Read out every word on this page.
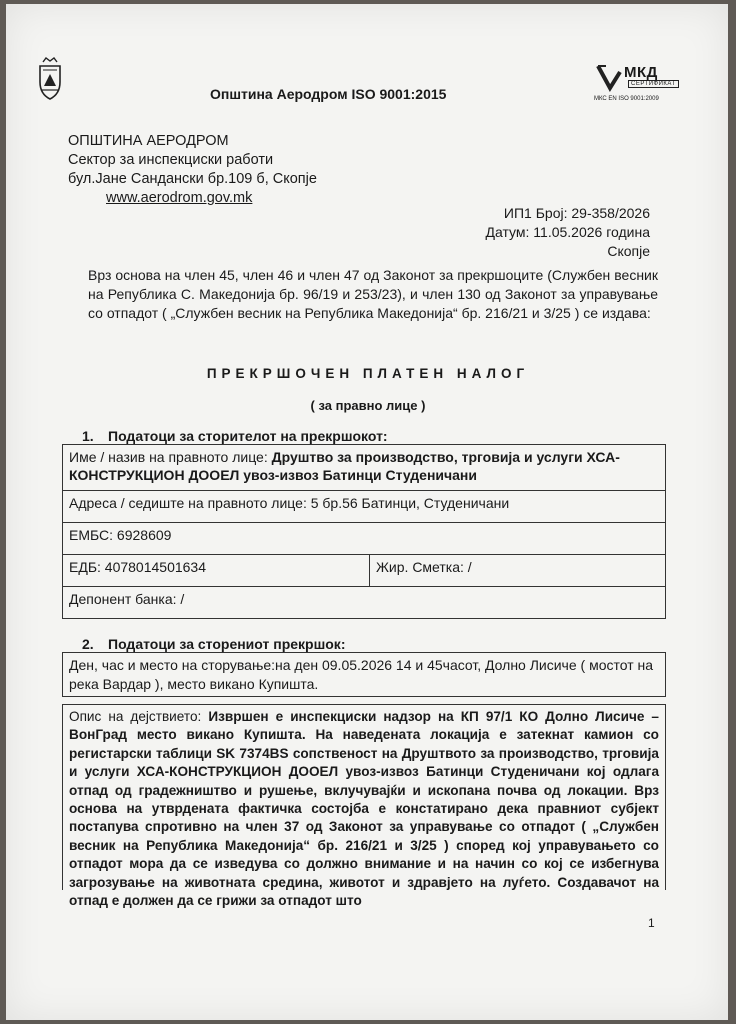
Општина Аеродром ISO 9001:2015
МКД
СЕРТИФИКАТ
МКС EN ISO 9001:2009
ОПШТИНА АЕРОДРОМ
Сектор за инспекциски работи
бул.Јане Сандански бр.109 б, Скопје
www.aerodrom.gov.mk
ИП1 Број: 29-358/2026
Датум: 11.05.2026 година
Скопје
Врз основа на член 45, член 46 и член 47 од Законот за прекршоците (Службен весник на Република С. Македонија бр. 96/19 и 253/23), и член 130 од Законот за управување со отпадот ( „Службен весник на Република Македонија“ бр. 216/21 и 3/25 ) се издава:
ПРЕКРШОЧЕН ПЛАТЕН НАЛОГ
( за правно лице )
1. Податоци за сторителот на прекршокот:
Име / назив на правното лице: Друштво за производство, трговија и услуги ХСА-КОНСТРУКЦИОН ДООЕЛ увоз-извоз Батинци Студеничани
Адреса / седиште на правното лице: 5 бр.56 Батинци, Студеничани
ЕМБС: 6928609
ЕДБ: 4078014501634	Жир. Сметка: /
Депонент банка: /
2. Податоци за сторениот прекршок:
Ден, час и место на сторување:на ден 09.05.2026 14 и 45часот, Долно Лисиче ( мостот на река Вардар ), место викано Купишта.
Опис на дејствието: Извршен е инспекциски надзор на КП 97/1 КО Долно Лисиче – ВонГрад место викано Купишта. На наведената локација е затекнат камион со регистарски таблици SK 7374BS сопственост на Друштвото за производство, трговија и услуги ХСА-КОНСТРУКЦИОН ДООЕЛ увоз-извоз Батинци Студеничани кој одлага отпад од градежништво и рушење, вклучувајќи и ископана почва од локации. Врз основа на утврдената фактичка состојба е констатирано дека правниот субјект постапува спротивно на член 37 од Законот за управување со отпадот ( „Службен весник на Република Македонија“ бр. 216/21 и 3/25 ) според кој управувањето со отпадот мора да се изведува со должно внимание и на начин со кој се избегнува загрозување на животната средина, животот и здравјето на луѓето. Создавачот на отпад е должен да се грижи за отпадот што
1
